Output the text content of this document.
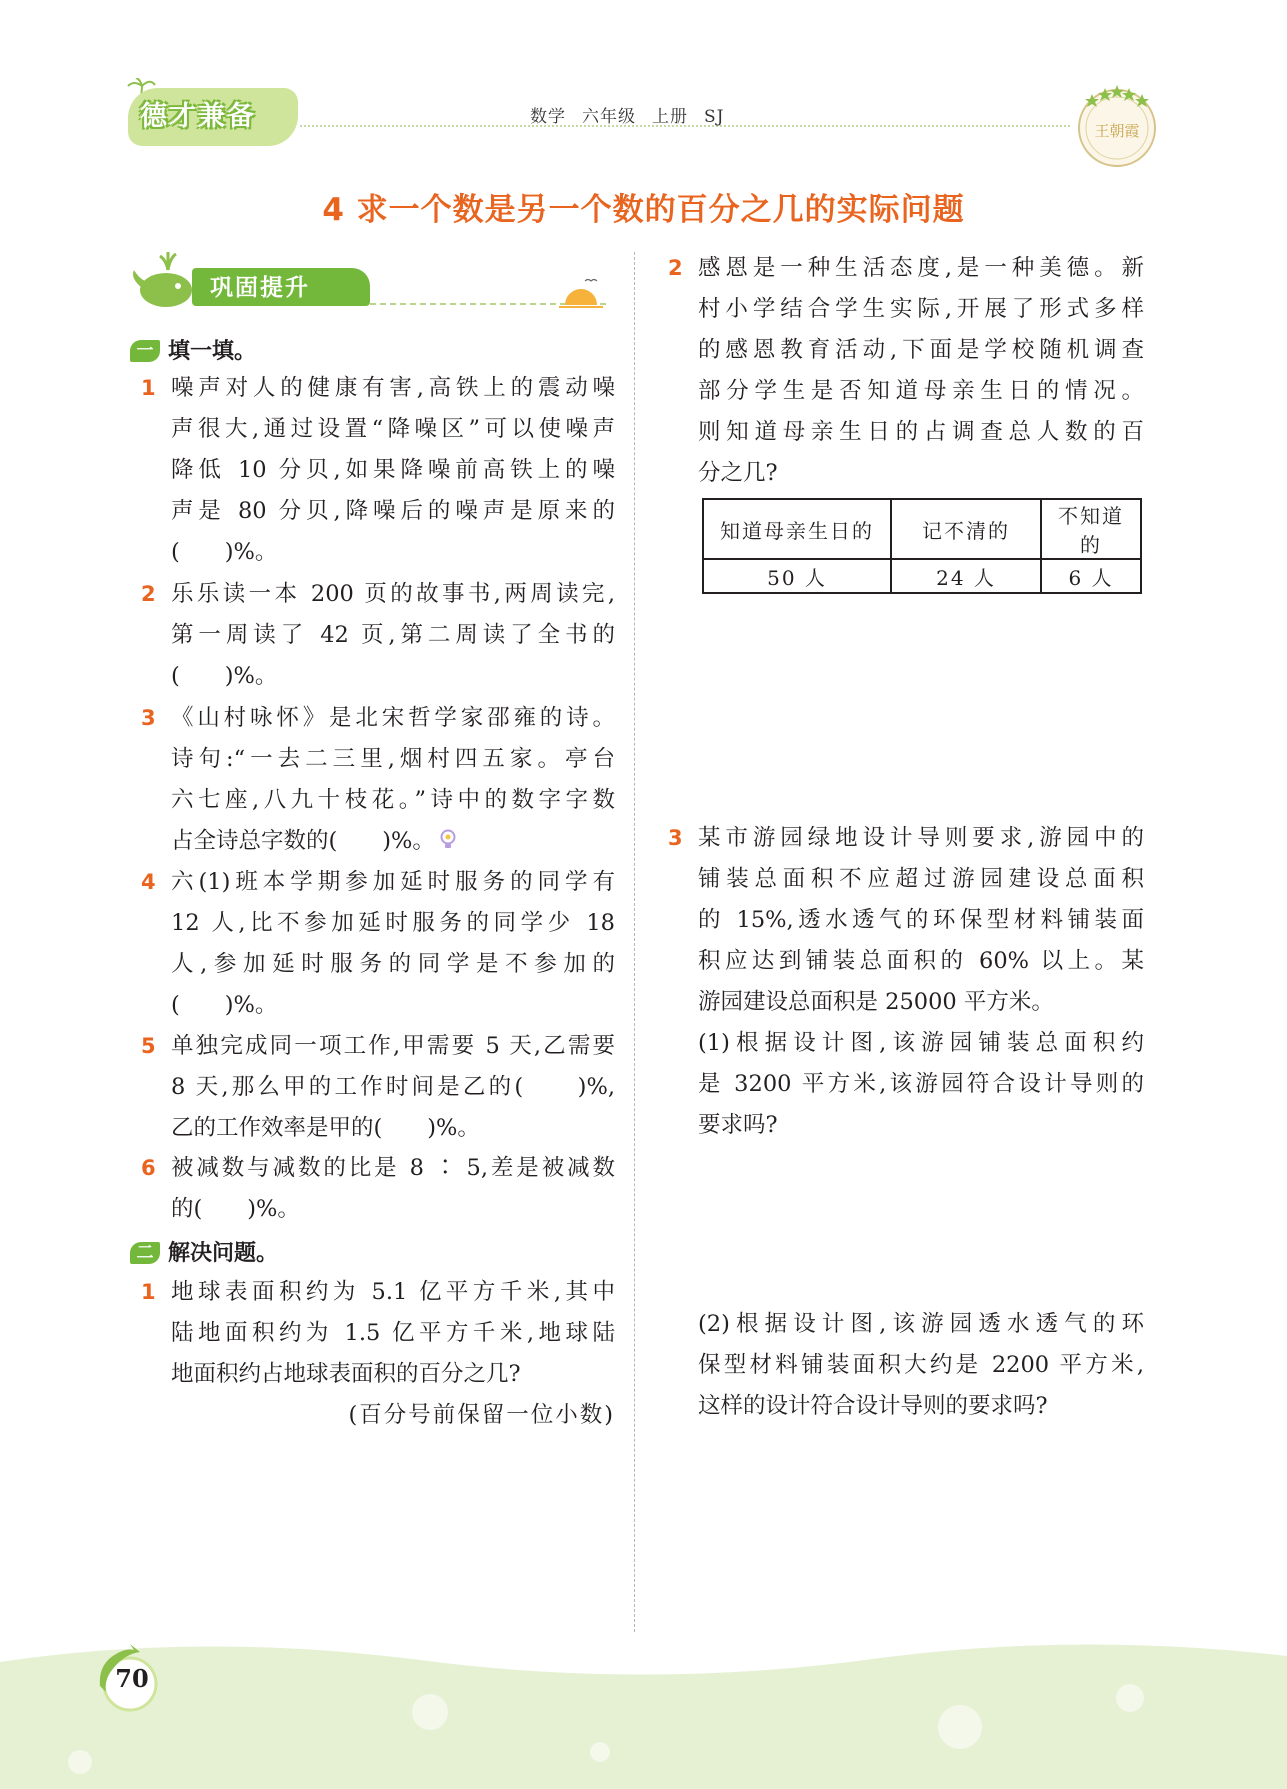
德才兼备	数学 六年级 上册 SJ
王朝霞
4 求一个数是另一个数的百分之几的实际问题
巩固提升
一 填一填。
1 噪声对人的健康有害,高铁上的震动噪
声很大,通过设置“降噪区”可以使噪声
降低 10 分贝,如果降噪前高铁上的噪
声是 80 分贝,降噪后的噪声是原来的
(　　)%。
2 乐乐读一本 200 页的故事书,两周读完,
第一周读了 42 页,第二周读了全书的
(　　)%。
3 《山村咏怀》是北宋哲学家邵雍的诗。
诗句:“一去二三里,烟村四五家。亭台
六七座,八九十枝花。”诗中的数字字数
占全诗总字数的(　　)%。
4 六(1)班本学期参加延时服务的同学有
12 人,比不参加延时服务的同学少 18
人,参加延时服务的同学是不参加的
(　　)%。
5 单独完成同一项工作,甲需要 5 天,乙需要
8 天,那么甲的工作时间是乙的(　　)%,
乙的工作效率是甲的(　　)%。
6 被减数与减数的比是 8 ∶ 5,差是被减数
的(　　)%。
二 解决问题。
1 地球表面积约为 5.1 亿平方千米,其中
陆地面积约为 1.5 亿平方千米,地球陆
地面积约占地球表面积的百分之几?

(百分号前保留一位小数)

2 感恩是一种生活态度,是一种美德。新
村小学结合学生实际,开展了形式多样
的感恩教育活动,下面是学校随机调查
部分学生是否知道母亲生日的情况。
则知道母亲生日的占调查总人数的百
分之几?
知道母亲生日的	记不清的	不知道的
50 人	24 人	6 人
3 某市游园绿地设计导则要求,游园中的
铺装总面积不应超过游园建设总面积
的 15%,透水透气的环保型材料铺装面
积应达到铺装总面积的 60% 以上。某
游园建设总面积是 25000 平方米。
(1)根据设计图,该游园铺装总面积约
是 3200 平方米,该游园符合设计导则的
要求吗?
(2)根据设计图,该游园透水透气的环
保型材料铺装面积大约是 2200 平方米,
这样的设计符合设计导则的要求吗?
70
